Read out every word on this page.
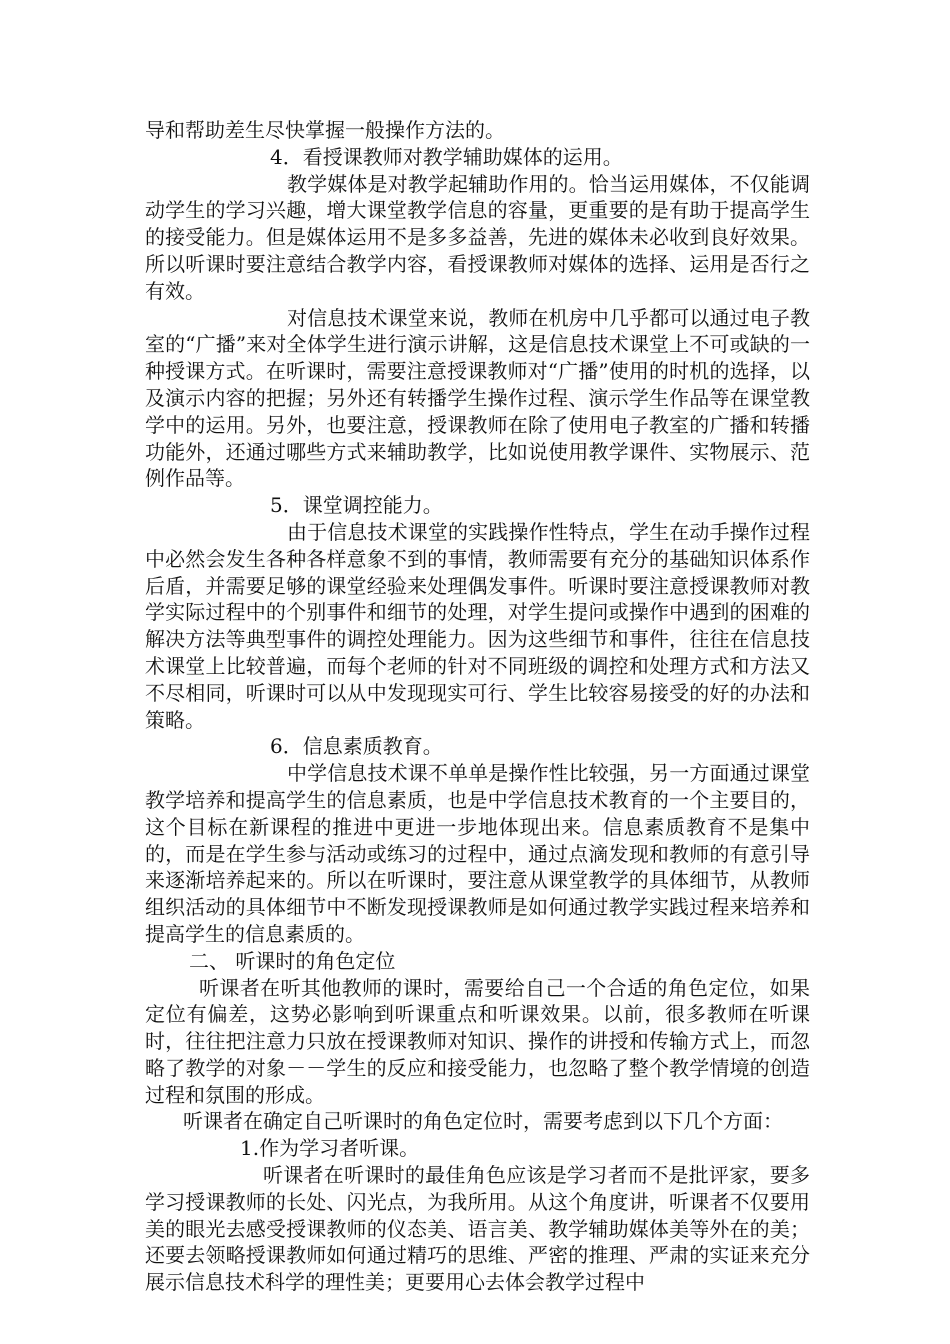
导和帮助差生尽快掌握一般操作方法的。

4．看授课教师对教学辅助媒体的运用。

教学媒体是对教学起辅助作用的。恰当运用媒体，不仅能调动学生的学习兴趣，增大课堂教学信息的容量，更重要的是有助于提高学生的接受能力。但是媒体运用不是多多益善，先进的媒体未必收到良好效果。所以听课时要注意结合教学内容，看授课教师对媒体的选择、运用是否行之有效。

对信息技术课堂来说，教师在机房中几乎都可以通过电子教室的“广播”来对全体学生进行演示讲解，这是信息技术课堂上不可或缺的一种授课方式。在听课时，需要注意授课教师对“广播”使用的时机的选择，以及演示内容的把握；另外还有转播学生操作过程、演示学生作品等在课堂教学中的运用。另外，也要注意，授课教师在除了使用电子教室的广播和转播功能外，还通过哪些方式来辅助教学，比如说使用教学课件、实物展示、范例作品等。

5．课堂调控能力。

由于信息技术课堂的实践操作性特点，学生在动手操作过程中必然会发生各种各样意象不到的事情，教师需要有充分的基础知识体系作后盾，并需要足够的课堂经验来处理偶发事件。听课时要注意授课教师对教学实际过程中的个别事件和细节的处理，对学生提问或操作中遇到的困难的解决方法等典型事件的调控处理能力。因为这些细节和事件，往往在信息技术课堂上比较普遍，而每个老师的针对不同班级的调控和处理方式和方法又不尽相同，听课时可以从中发现现实可行、学生比较容易接受的好的办法和策略。

6．信息素质教育。

中学信息技术课不单单是操作性比较强，另一方面通过课堂教学培养和提高学生的信息素质，也是中学信息技术教育的一个主要目的，这个目标在新课程的推进中更进一步地体现出来。信息素质教育不是集中的，而是在学生参与活动或练习的过程中，通过点滴发现和教师的有意引导来逐渐培养起来的。所以在听课时，要注意从课堂教学的具体细节，从教师组织活动的具体细节中不断发现授课教师是如何通过教学实践过程来培养和提高学生的信息素质的。

二、 听课时的角色定位

听课者在听其他教师的课时，需要给自己一个合适的角色定位，如果定位有偏差，这势必影响到听课重点和听课效果。以前，很多教师在听课时，往往把注意力只放在授课教师对知识、操作的讲授和传输方式上，而忽略了教学的对象－－学生的反应和接受能力，也忽略了整个教学情境的创造过程和氛围的形成。

听课者在确定自己听课时的角色定位时，需要考虑到以下几个方面：

1.作为学习者听课。

听课者在听课时的最佳角色应该是学习者而不是批评家，要多学习授课教师的长处、闪光点，为我所用。从这个角度讲，听课者不仅要用美的眼光去感受授课教师的仪态美、语言美、教学辅助媒体美等外在的美；还要去领略授课教师如何通过精巧的思维、严密的推理、严肃的实证来充分展示信息技术科学的理性美；更要用心去体会教学过程中
